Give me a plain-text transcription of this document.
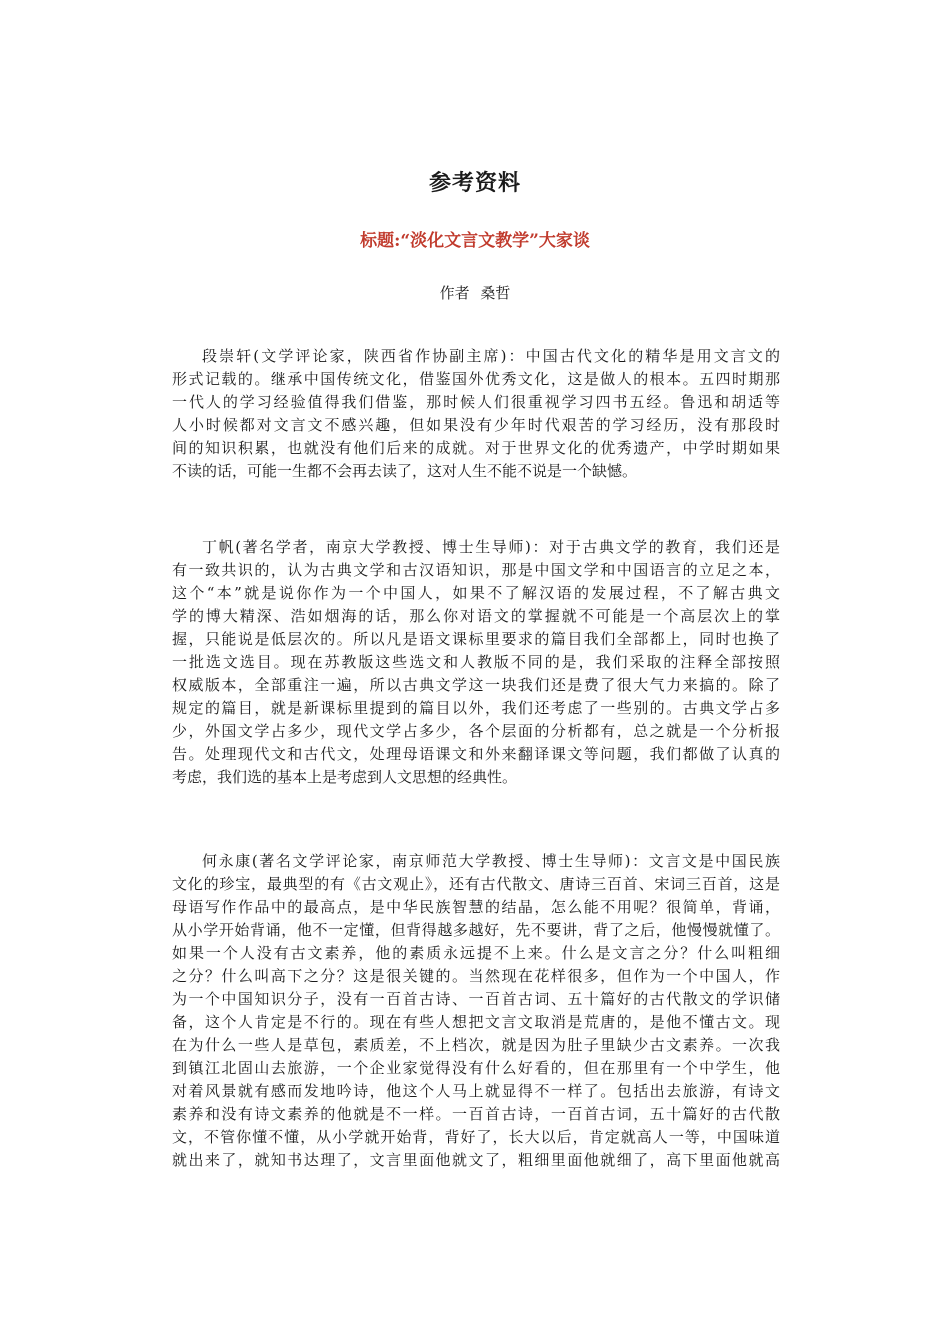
参考资料
标题:“淡化文言文教学”大家谈
作者 桑哲
段崇轩(文学评论家，陕西省作协副主席)：中国古代文化的精华是用文言文的
形式记载的。继承中国传统文化，借鉴国外优秀文化，这是做人的根本。五四时期那
一代人的学习经验值得我们借鉴，那时候人们很重视学习四书五经。鲁迅和胡适等
人小时候都对文言文不感兴趣，但如果没有少年时代艰苦的学习经历，没有那段时
间的知识积累，也就没有他们后来的成就。对于世界文化的优秀遗产，中学时期如果
不读的话，可能一生都不会再去读了，这对人生不能不说是一个缺憾。
丁帆(著名学者，南京大学教授、博士生导师)：对于古典文学的教育，我们还是
有一致共识的，认为古典文学和古汉语知识，那是中国文学和中国语言的立足之本，
这个“本”就是说你作为一个中国人，如果不了解汉语的发展过程，不了解古典文
学的博大精深、浩如烟海的话，那么你对语文的掌握就不可能是一个高层次上的掌
握，只能说是低层次的。所以凡是语文课标里要求的篇目我们全部都上，同时也换了
一批选文选目。现在苏教版这些选文和人教版不同的是，我们采取的注释全部按照
权威版本，全部重注一遍，所以古典文学这一块我们还是费了很大气力来搞的。除了
规定的篇目，就是新课标里提到的篇目以外，我们还考虑了一些别的。古典文学占多
少，外国文学占多少，现代文学占多少，各个层面的分析都有，总之就是一个分析报
告。处理现代文和古代文，处理母语课文和外来翻译课文等问题，我们都做了认真的
考虑，我们选的基本上是考虑到人文思想的经典性。
何永康(著名文学评论家，南京师范大学教授、博士生导师)：文言文是中国民族
文化的珍宝，最典型的有《古文观止》，还有古代散文、唐诗三百首、宋词三百首，这是
母语写作作品中的最高点，是中华民族智慧的结晶，怎么能不用呢？很简单，背诵，
从小学开始背诵，他不一定懂，但背得越多越好，先不要讲，背了之后，他慢慢就懂了。
如果一个人没有古文素养，他的素质永远提不上来。什么是文言之分？什么叫粗细
之分？什么叫高下之分？这是很关键的。当然现在花样很多，但作为一个中国人，作
为一个中国知识分子，没有一百首古诗、一百首古词、五十篇好的古代散文的学识储
备，这个人肯定是不行的。现在有些人想把文言文取消是荒唐的，是他不懂古文。现
在为什么一些人是草包，素质差，不上档次，就是因为肚子里缺少古文素养。一次我
到镇江北固山去旅游，一个企业家觉得没有什么好看的，但在那里有一个中学生，他
对着风景就有感而发地吟诗，他这个人马上就显得不一样了。包括出去旅游，有诗文
素养和没有诗文素养的他就是不一样。一百首古诗，一百首古词，五十篇好的古代散
文，不管你懂不懂，从小学就开始背，背好了，长大以后，肯定就高人一等，中国味道
就出来了，就知书达理了，文言里面他就文了，粗细里面他就细了，高下里面他就高
